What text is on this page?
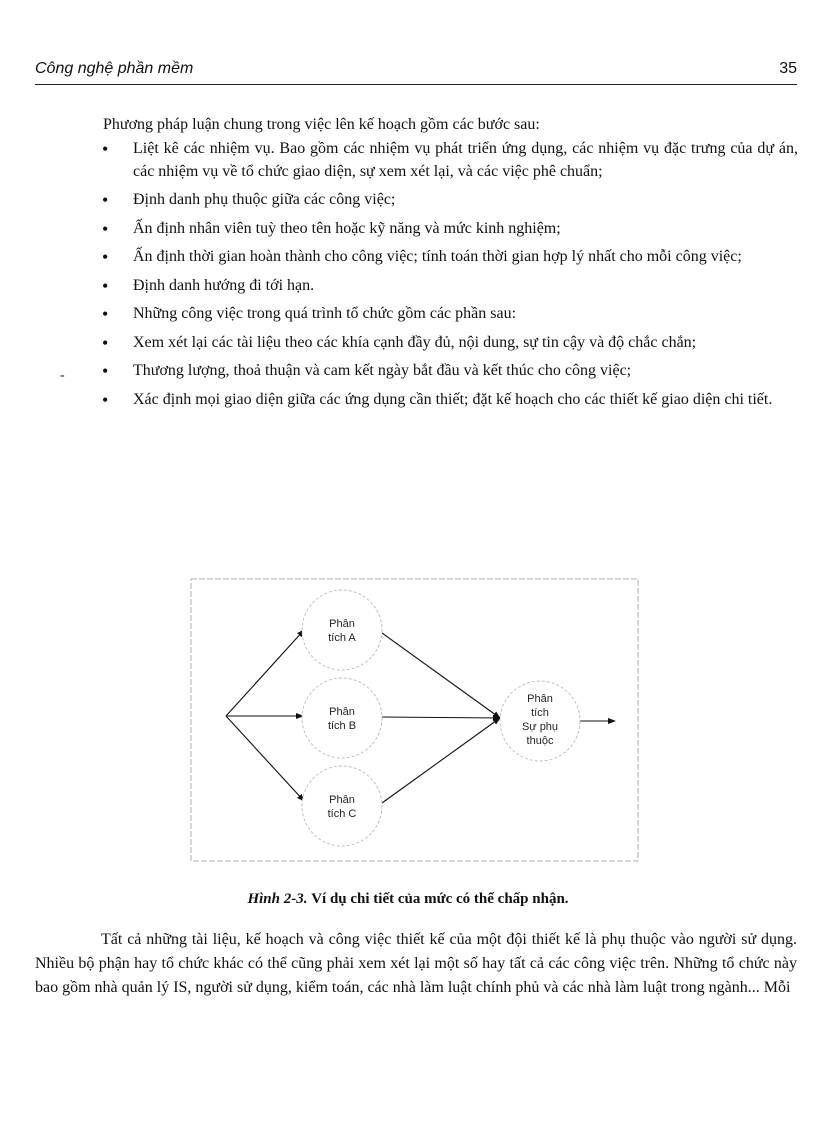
Công nghệ phần mềm	35
Phương pháp luận chung trong việc lên kế hoạch gồm các bước sau:
• Liệt kê các nhiệm vụ. Bao gồm các nhiệm vụ phát triển ứng dụng, các nhiệm vụ đặc trưng của dự án, các nhiệm vụ về tổ chức giao diện, sự xem xét lại, và các việc phê chuẩn;
• Định danh phụ thuộc giữa các công việc;
• Ấn định nhân viên tuỳ theo tên hoặc kỹ năng và mức kinh nghiệm;
• Ấn định thời gian hoàn thành cho công việc; tính toán thời gian hợp lý nhất cho mỗi công việc;
• Định danh hướng đi tới hạn.
• Những công việc trong quá trình tổ chức gồm các phần sau:
• Xem xét lại các tài liệu theo các khía cạnh đầy đủ, nội dung, sự tin cậy và độ chắc chắn;
• Thương lượng, thoả thuận và cam kết ngày bắt đầu và kết thúc cho công việc;
• Xác định mọi giao diện giữa các ứng dụng cần thiết; đặt kế hoạch cho các thiết kế giao diện chi tiết.
-
Phân
tích A
Phân
tích B
Phân
tích C
Phân
tích
Sự phụ
thuộc
Hình 2-3. Ví dụ chi tiết của mức có thể chấp nhận.
Tất cả những tài liệu, kế hoạch và công việc thiết kế của một đội thiết kế là phụ thuộc vào người sử dụng. Nhiều bộ phận hay tổ chức khác có thể cũng phải xem xét lại một số hay tất cả các công việc trên. Những tổ chức này bao gồm nhà quản lý IS, người sử dụng, kiểm toán, các nhà làm luật chính phủ và các nhà làm luật trong ngành... Mỗi
